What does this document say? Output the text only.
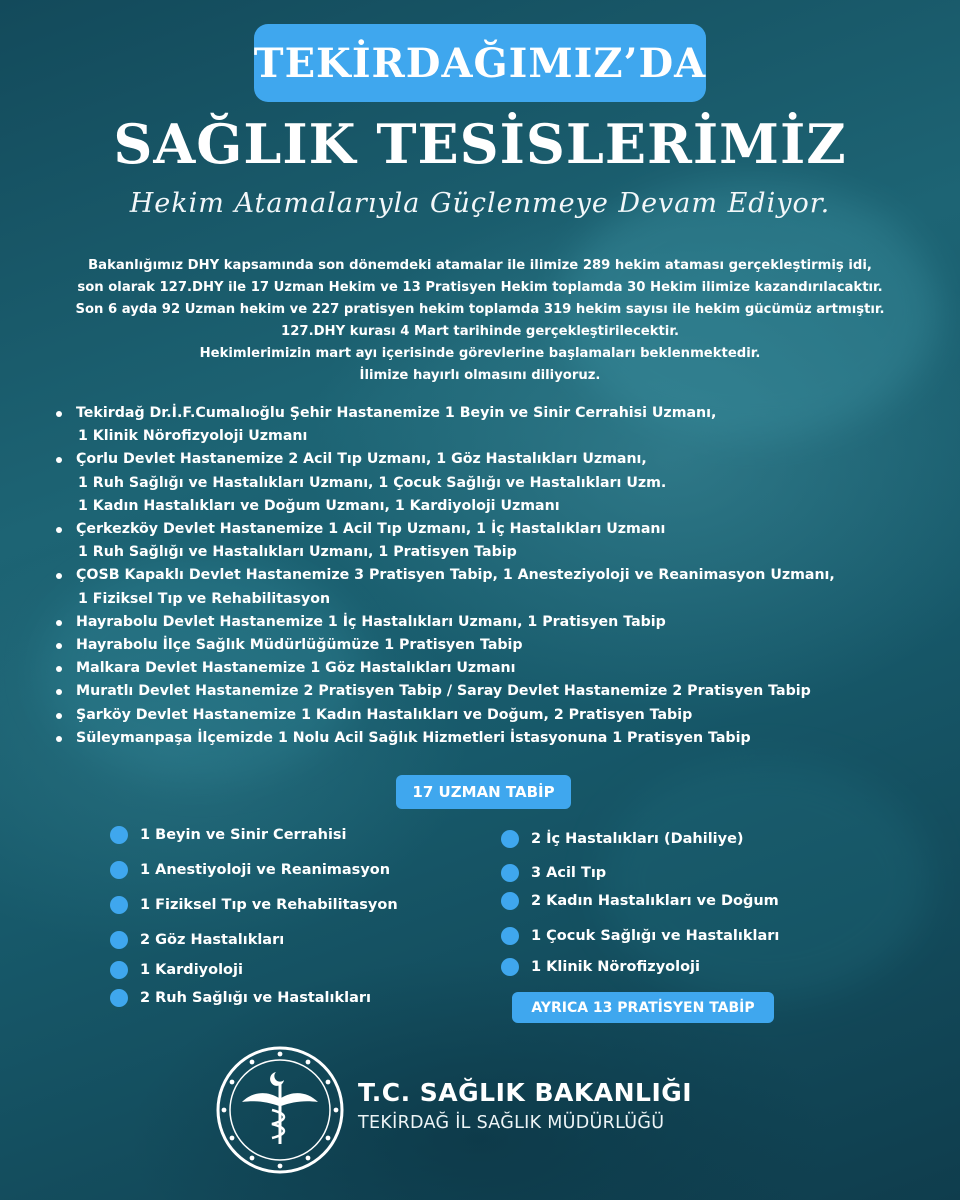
TEKİRDAĞIMIZ’DA
SAĞLIK TESİSLERİMİZ
Hekim Atamalarıyla Güçlenmeye Devam Ediyor.
Bakanlığımız DHY kapsamında son dönemdeki atamalar ile ilimize 289 hekim ataması gerçekleştirmiş idi,
son olarak 127.DHY ile 17 Uzman Hekim ve 13 Pratisyen Hekim toplamda 30 Hekim ilimize kazandırılacaktır.
Son 6 ayda 92 Uzman hekim ve 227 pratisyen hekim toplamda 319 hekim sayısı ile hekim gücümüz artmıştır.
127.DHY kurası 4 Mart tarihinde gerçekleştirilecektir.
Hekimlerimizin mart ayı içerisinde görevlerine başlamaları beklenmektedir.
İlimize hayırlı olmasını diliyoruz.
Tekirdağ Dr.İ.F.Cumalıoğlu Şehir Hastanemize 1 Beyin ve Sinir Cerrahisi Uzmanı,
1 Klinik Nörofizyoloji Uzmanı
Çorlu Devlet Hastanemize 2 Acil Tıp Uzmanı, 1 Göz Hastalıkları Uzmanı,
1 Ruh Sağlığı ve Hastalıkları Uzmanı, 1 Çocuk Sağlığı ve Hastalıkları Uzm.
1 Kadın Hastalıkları ve Doğum Uzmanı, 1 Kardiyoloji Uzmanı
Çerkezköy Devlet Hastanemize 1 Acil Tıp Uzmanı, 1 İç Hastalıkları Uzmanı
1 Ruh Sağlığı ve Hastalıkları Uzmanı, 1 Pratisyen Tabip
ÇOSB Kapaklı Devlet Hastanemize 3 Pratisyen Tabip, 1 Anesteziyoloji ve Reanimasyon Uzmanı,
1 Fiziksel Tıp ve Rehabilitasyon
Hayrabolu Devlet Hastanemize 1 İç Hastalıkları Uzmanı, 1 Pratisyen Tabip
Hayrabolu İlçe Sağlık Müdürlüğümüze 1 Pratisyen Tabip
Malkara Devlet Hastanemize 1 Göz Hastalıkları Uzmanı
Muratlı Devlet Hastanemize 2 Pratisyen Tabip / Saray Devlet Hastanemize 2 Pratisyen Tabip
Şarköy Devlet Hastanemize 1 Kadın Hastalıkları ve Doğum, 2 Pratisyen Tabip
Süleymanpaşa İlçemizde 1 Nolu Acil Sağlık Hizmetleri İstasyonuna 1 Pratisyen Tabip
17 UZMAN TABİP
1 Beyin ve Sinir Cerrahisi
1 Anestiyoloji ve Reanimasyon
1 Fiziksel Tıp ve Rehabilitasyon
2 Göz Hastalıkları
1 Kardiyoloji
2 Ruh Sağlığı ve Hastalıkları
2 İç Hastalıkları (Dahiliye)
3 Acil Tıp
2 Kadın Hastalıkları ve Doğum
1 Çocuk Sağlığı ve Hastalıkları
1 Klinik Nörofizyoloji
AYRICA 13 PRATİSYEN TABİP
T.C. SAĞLIK BAKANLIĞI
TEKİRDAĞ İL SAĞLIK MÜDÜRLÜĞÜ
